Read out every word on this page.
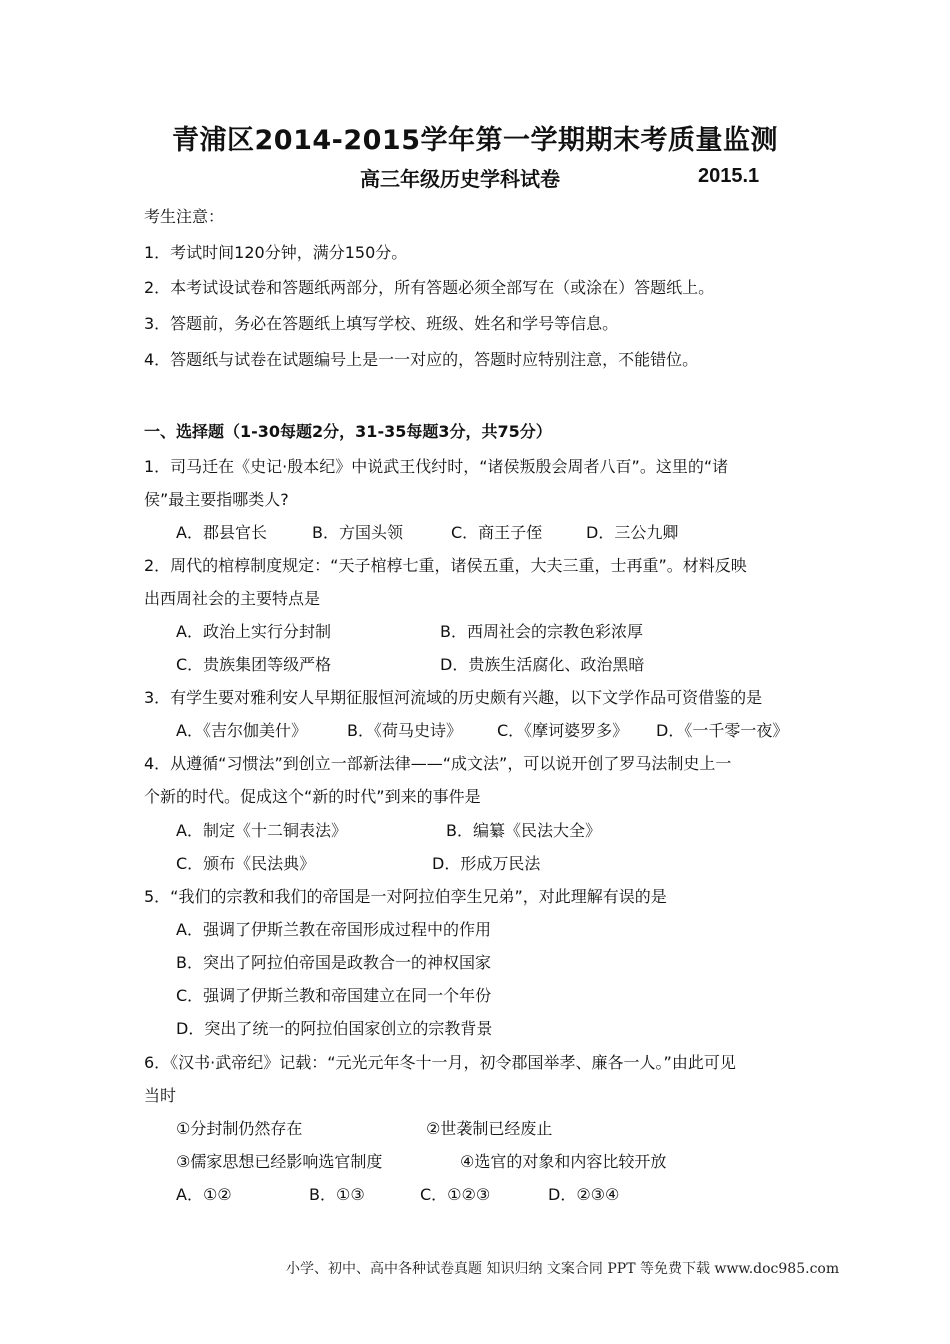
青浦区2014-2015学年第一学期期末考质量监测
高三年级历史学科试卷	2015.1
考生注意：
1．考试时间120分钟，满分150分。
2．本考试设试卷和答题纸两部分，所有答题必须全部写在（或涂在）答题纸上。
3．答题前，务必在答题纸上填写学校、班级、姓名和学号等信息。
4．答题纸与试卷在试题编号上是一一对应的，答题时应特别注意，不能错位。
一、选择题（1-30每题2分，31-35每题3分，共75分）
1．司马迁在《史记·殷本纪》中说武王伐纣时，“诸侯叛殷会周者八百”。这里的“诸
侯”最主要指哪类人?
A．郡县官长	B．方国头领	C．商王子侄	D．三公九卿
2．周代的棺椁制度规定：“天子棺椁七重，诸侯五重，大夫三重，士再重”。材料反映
出西周社会的主要特点是
A．政治上实行分封制	B．西周社会的宗教色彩浓厚
C．贵族集团等级严格	D．贵族生活腐化、政治黑暗
3．有学生要对雅利安人早期征服恒河流域的历史颇有兴趣，以下文学作品可资借鉴的是
A．《吉尔伽美什》	B．《荷马史诗》 C．《摩诃婆罗多》 D．《一千零一夜》
4．从遵循“习惯法”到创立一部新法律——“成文法”，可以说开创了罗马法制史上一
个新的时代。促成这个“新的时代”到来的事件是
A．制定《十二铜表法》	B．编纂《民法大全》
C．颁布《民法典》	D．形成万民法
5．“我们的宗教和我们的帝国是一对阿拉伯孪生兄弟”，对此理解有误的是
A．强调了伊斯兰教在帝国形成过程中的作用
B．突出了阿拉伯帝国是政教合一的神权国家
C．强调了伊斯兰教和帝国建立在同一个年份
D．突出了统一的阿拉伯国家创立的宗教背景
6．《汉书·武帝纪》记载：“元光元年冬十一月，初令郡国举孝、廉各一人。”由此可见
当时
①分封制仍然存在	②世袭制已经废止
③儒家思想已经影响选官制度	④选官的对象和内容比较开放
A．①②	B．①③	C．①②③	D．②③④
小学、初中、高中各种试卷真题 知识归纳 文案合同 PPT 等免费下载 www.doc985.com
